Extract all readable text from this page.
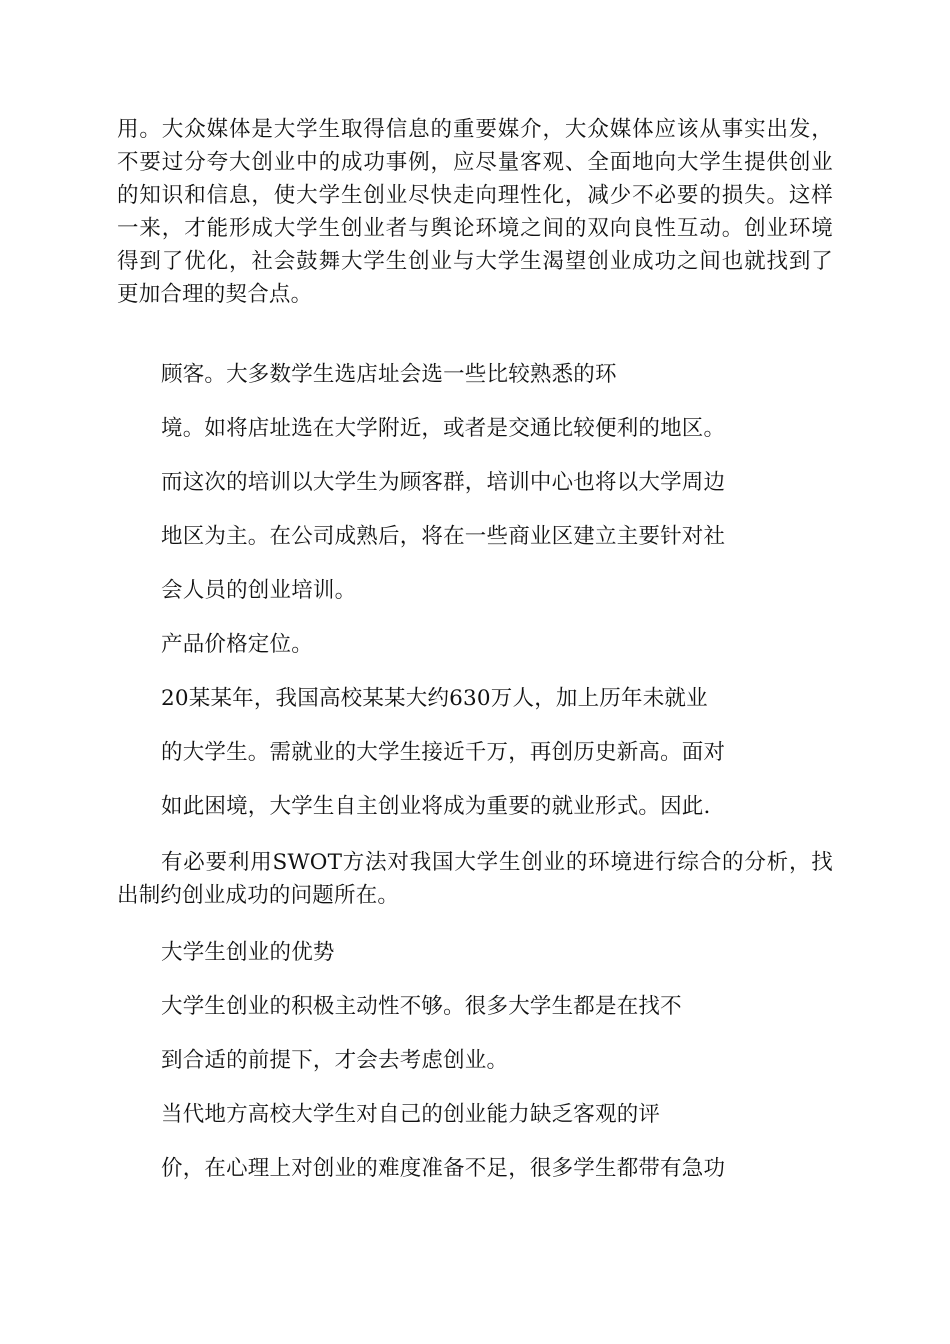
用。大众媒体是大学生取得信息的重要媒介，大众媒体应该从事实出发，不要过分夸大创业中的成功事例，应尽量客观、全面地向大学生提供创业的知识和信息，使大学生创业尽快走向理性化，减少不必要的损失。这样一来，才能形成大学生创业者与舆论环境之间的双向良性互动。创业环境得到了优化，社会鼓舞大学生创业与大学生渴望创业成功之间也就找到了更加合理的契合点。

顾客。大多数学生选店址会选一些比较熟悉的环

境。如将店址选在大学附近，或者是交通比较便利的地区。

而这次的培训以大学生为顾客群，培训中心也将以大学周边

地区为主。在公司成熟后，将在一些商业区建立主要针对社

会人员的创业培训。

产品价格定位。

20某某年，我国高校某某大约630万人，加上历年未就业

的大学生。需就业的大学生接近千万，再创历史新高。面对

如此困境，大学生自主创业将成为重要的就业形式。因此.

有必要利用SWOT方法对我国大学生创业的环境进行综合的分析，找出制约创业成功的问题所在。

大学生创业的优势

大学生创业的积极主动性不够。很多大学生都是在找不

到合适的前提下，才会去考虑创业。

当代地方高校大学生对自己的创业能力缺乏客观的评

价，在心理上对创业的难度准备不足，很多学生都带有急功
